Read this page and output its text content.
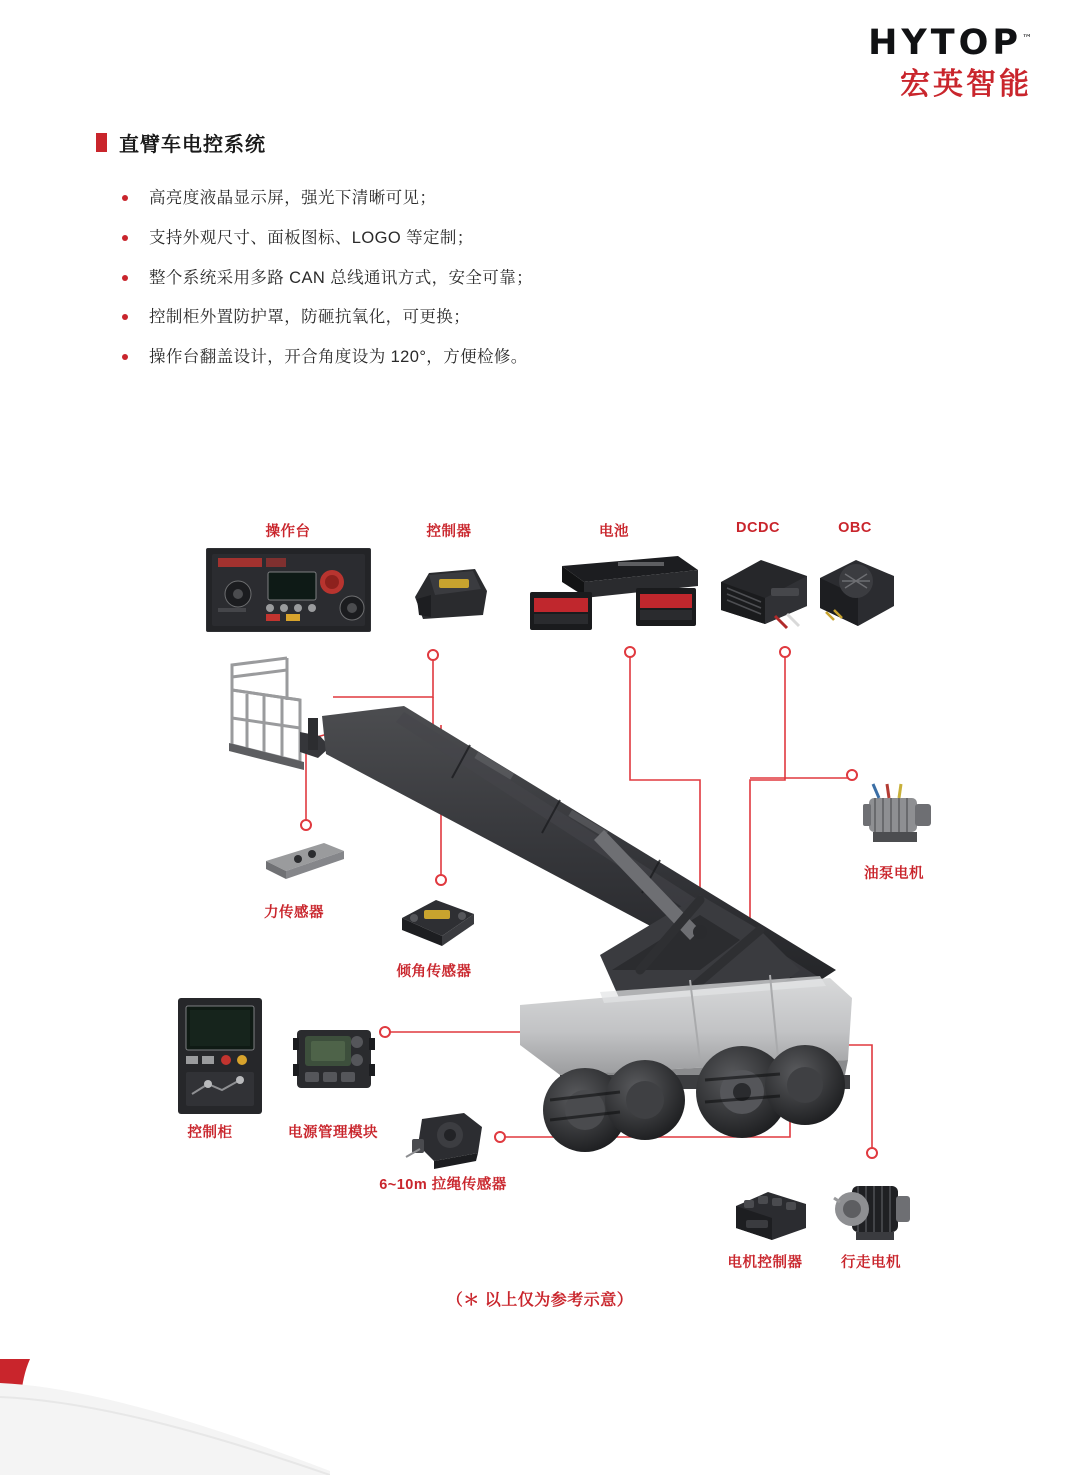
HYTOP™
宏英智能
直臂车电控系统
高亮度液晶显示屏，强光下清晰可见；
支持外观尺寸、面板图标、LOGO 等定制；
整个系统采用多路 CAN 总线通讯方式，安全可靠；
控制柜外置防护罩，防砸抗氧化，可更换；
操作台翻盖设计，开合角度设为 120°，方便检修。
操作台	控制器	电池	DCDC	OBC
油泵电机
力传感器
倾角传感器
控制柜	电源管理模块
6~10m 拉绳传感器
电机控制器	行走电机
（＊ 以上仅为参考示意）
